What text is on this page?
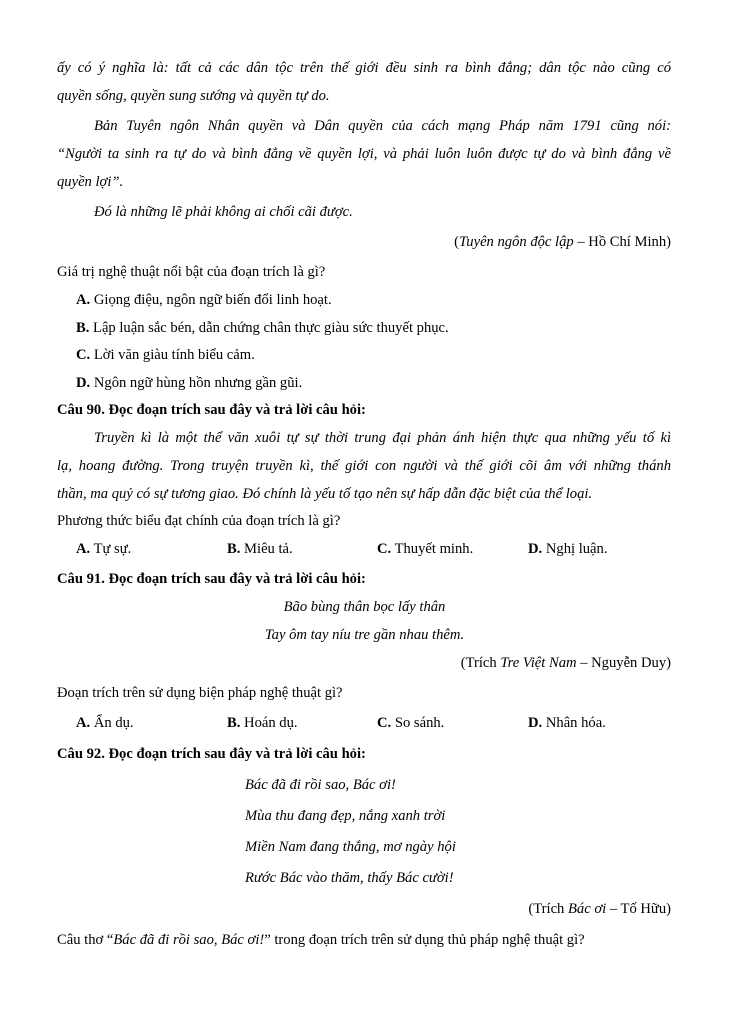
ấy có ý nghĩa là: tất cả các dân tộc trên thế giới đều sinh ra bình đẳng; dân tộc nào cũng có
quyền sống, quyền sung sướng và quyền tự do.
Bản Tuyên ngôn Nhân quyền và Dân quyền của cách mạng Pháp năm 1791 cũng nói:
“Người ta sinh ra tự do và bình đẳng về quyền lợi, và phải luôn luôn được tự do và bình đẳng về
quyền lợi”.
Đó là những lẽ phải không ai chối cãi được.
(Tuyên ngôn độc lập – Hồ Chí Minh)
Giá trị nghệ thuật nổi bật của đoạn trích là gì?
A. Giọng điệu, ngôn ngữ biến đổi linh hoạt.
B. Lập luận sắc bén, dẫn chứng chân thực giàu sức thuyết phục.
C. Lời văn giàu tính biểu cảm.
D. Ngôn ngữ hùng hồn nhưng gần gũi.
Câu 90. Đọc đoạn trích sau đây và trả lời câu hỏi:
Truyền kì là một thể văn xuôi tự sự thời trung đại phản ánh hiện thực qua những yếu tố kì
lạ, hoang đường. Trong truyện truyền kì, thế giới con người và thế giới cõi âm với những thánh
thần, ma quỷ có sự tương giao. Đó chính là yếu tố tạo nên sự hấp dẫn đặc biệt của thể loại.
Phương thức biểu đạt chính của đoạn trích là gì?
A. Tự sự.	B. Miêu tả.	C. Thuyết minh.	D. Nghị luận.
Câu 91. Đọc đoạn trích sau đây và trả lời câu hỏi:
Bão bùng thân bọc lấy thân
Tay ôm tay níu tre gần nhau thêm.
(Trích Tre Việt Nam – Nguyễn Duy)
Đoạn trích trên sử dụng biện pháp nghệ thuật gì?
A. Ẩn dụ.	B. Hoán dụ.	C. So sánh.	D. Nhân hóa.
Câu 92. Đọc đoạn trích sau đây và trả lời câu hỏi:
Bác đã đi rồi sao, Bác ơi!
Mùa thu đang đẹp, nắng xanh trời
Miền Nam đang thắng, mơ ngày hội
Rước Bác vào thăm, thấy Bác cười!
(Trích Bác ơi – Tố Hữu)
Câu thơ “Bác đã đi rồi sao, Bác ơi!” trong đoạn trích trên sử dụng thủ pháp nghệ thuật gì?
